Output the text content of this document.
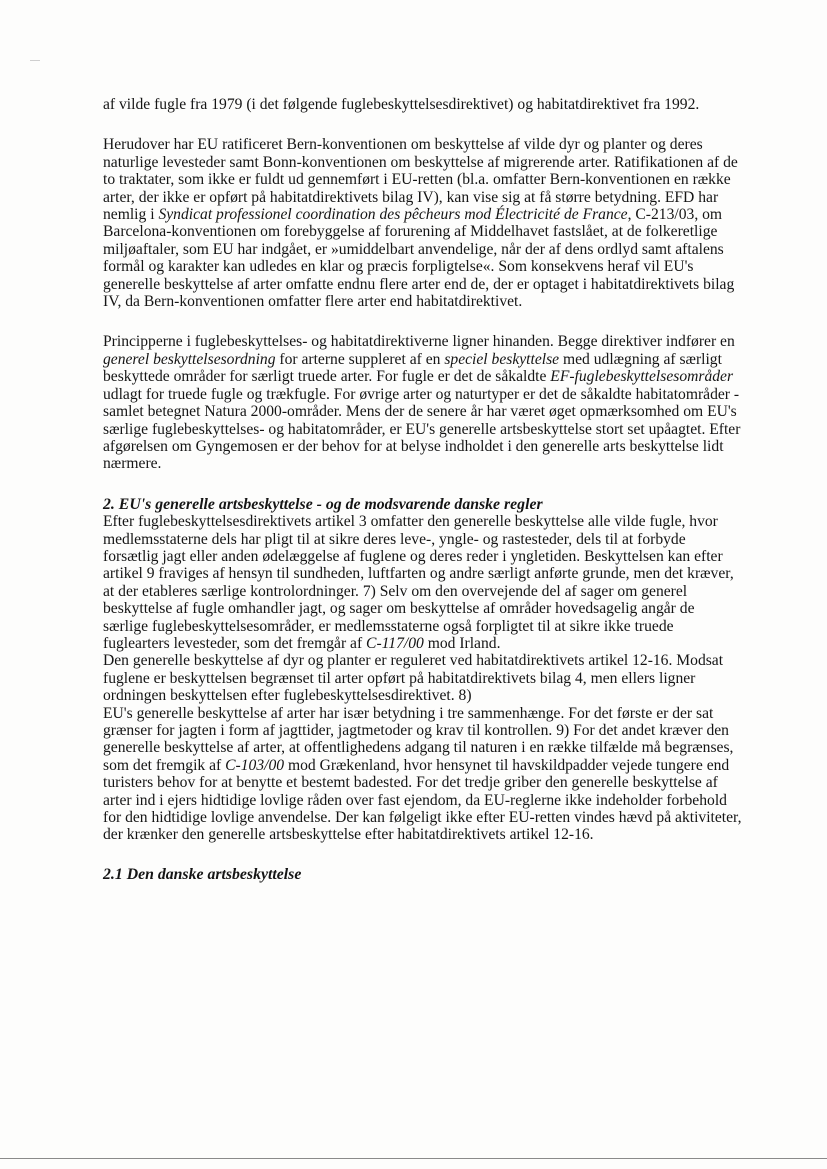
af vilde fugle fra 1979 (i det følgende fuglebeskyttelsesdirektivet) og habitatdirektivet fra 1992.

Herudover har EU ratificeret Bern-konventionen om beskyttelse af vilde dyr og planter og deres naturlige levesteder samt Bonn-konventionen om beskyttelse af migrerende arter. Ratifikationen af de to traktater, som ikke er fuldt ud gennemført i EU-retten (bl.a. omfatter Bern-konventionen en række arter, der ikke er opført på habitatdirektivets bilag IV), kan vise sig at få større betydning. EFD har nemlig i Syndicat professionel coordination des pêcheurs mod Électricité de France, C-213/03, om Barcelona-konventionen om forebyggelse af forurening af Middelhavet fastslået, at de folkeretlige miljøaftaler, som EU har indgået, er »umiddelbart anvendelige, når der af dens ordlyd samt aftalens formål og karakter kan udledes en klar og præcis forpligtelse«. Som konsekvens heraf vil EU's generelle beskyttelse af arter omfatte endnu flere arter end de, der er optaget i habitatdirektivets bilag IV, da Bern-konventionen omfatter flere arter end habitatdirektivet.

Principperne i fuglebeskyttelses- og habitatdirektiverne ligner hinanden. Begge direktiver indfører en generel beskyttelsesordning for arterne suppleret af en speciel beskyttelse med udlægning af særligt beskyttede områder for særligt truede arter. For fugle er det de såkaldte EF-fuglebeskyttelsesområder udlagt for truede fugle og trækfugle. For øvrige arter og naturtyper er det de såkaldte habitatområder - samlet betegnet Natura 2000-områder. Mens der de senere år har været øget opmærksomhed om EU's særlige fuglebeskyttelses- og habitatområder, er EU's generelle artsbeskyttelse stort set upåagtet. Efter afgørelsen om Gyngemosen er der behov for at belyse indholdet i den generelle arts beskyttelse lidt nærmere.

2. EU's generelle artsbeskyttelse - og de modsvarende danske regler

Efter fuglebeskyttelsesdirektivets artikel 3 omfatter den generelle beskyttelse alle vilde fugle, hvor medlemsstaterne dels har pligt til at sikre deres leve-, yngle- og rastesteder, dels til at forbyde forsætlig jagt eller anden ødelæggelse af fuglene og deres reder i yngletiden. Beskyttelsen kan efter artikel 9 fraviges af hensyn til sundheden, luftfarten og andre særligt anførte grunde, men det kræver, at der etableres særlige kontrolordninger. 7) Selv om den overvejende del af sager om generel beskyttelse af fugle omhandler jagt, og sager om beskyttelse af områder hovedsagelig angår de særlige fuglebeskyttelsesområder, er medlemsstaterne også forpligtet til at sikre ikke truede fuglearters levesteder, som det fremgår af C-117/00 mod Irland.

Den generelle beskyttelse af dyr og planter er reguleret ved habitatdirektivets artikel 12-16. Modsat fuglene er beskyttelsen begrænset til arter opført på habitatdirektivets bilag 4, men ellers ligner ordningen beskyttelsen efter fuglebeskyttelsesdirektivet. 8)

EU's generelle beskyttelse af arter har især betydning i tre sammenhænge. For det første er der sat grænser for jagten i form af jagttider, jagtmetoder og krav til kontrollen. 9) For det andet kræver den generelle beskyttelse af arter, at offentlighedens adgang til naturen i en række tilfælde må begrænses, som det fremgik af C-103/00 mod Grækenland, hvor hensynet til havskildpadder vejede tungere end turisters behov for at benytte et bestemt badested. For det tredje griber den generelle beskyttelse af arter ind i ejers hidtidige lovlige råden over fast ejendom, da EU-reglerne ikke indeholder forbehold for den hidtidige lovlige anvendelse. Der kan følgeligt ikke efter EU-retten vindes hævd på aktiviteter, der krænker den generelle artsbeskyttelse efter habitatdirektivets artikel 12-16.

2.1 Den danske artsbeskyttelse
